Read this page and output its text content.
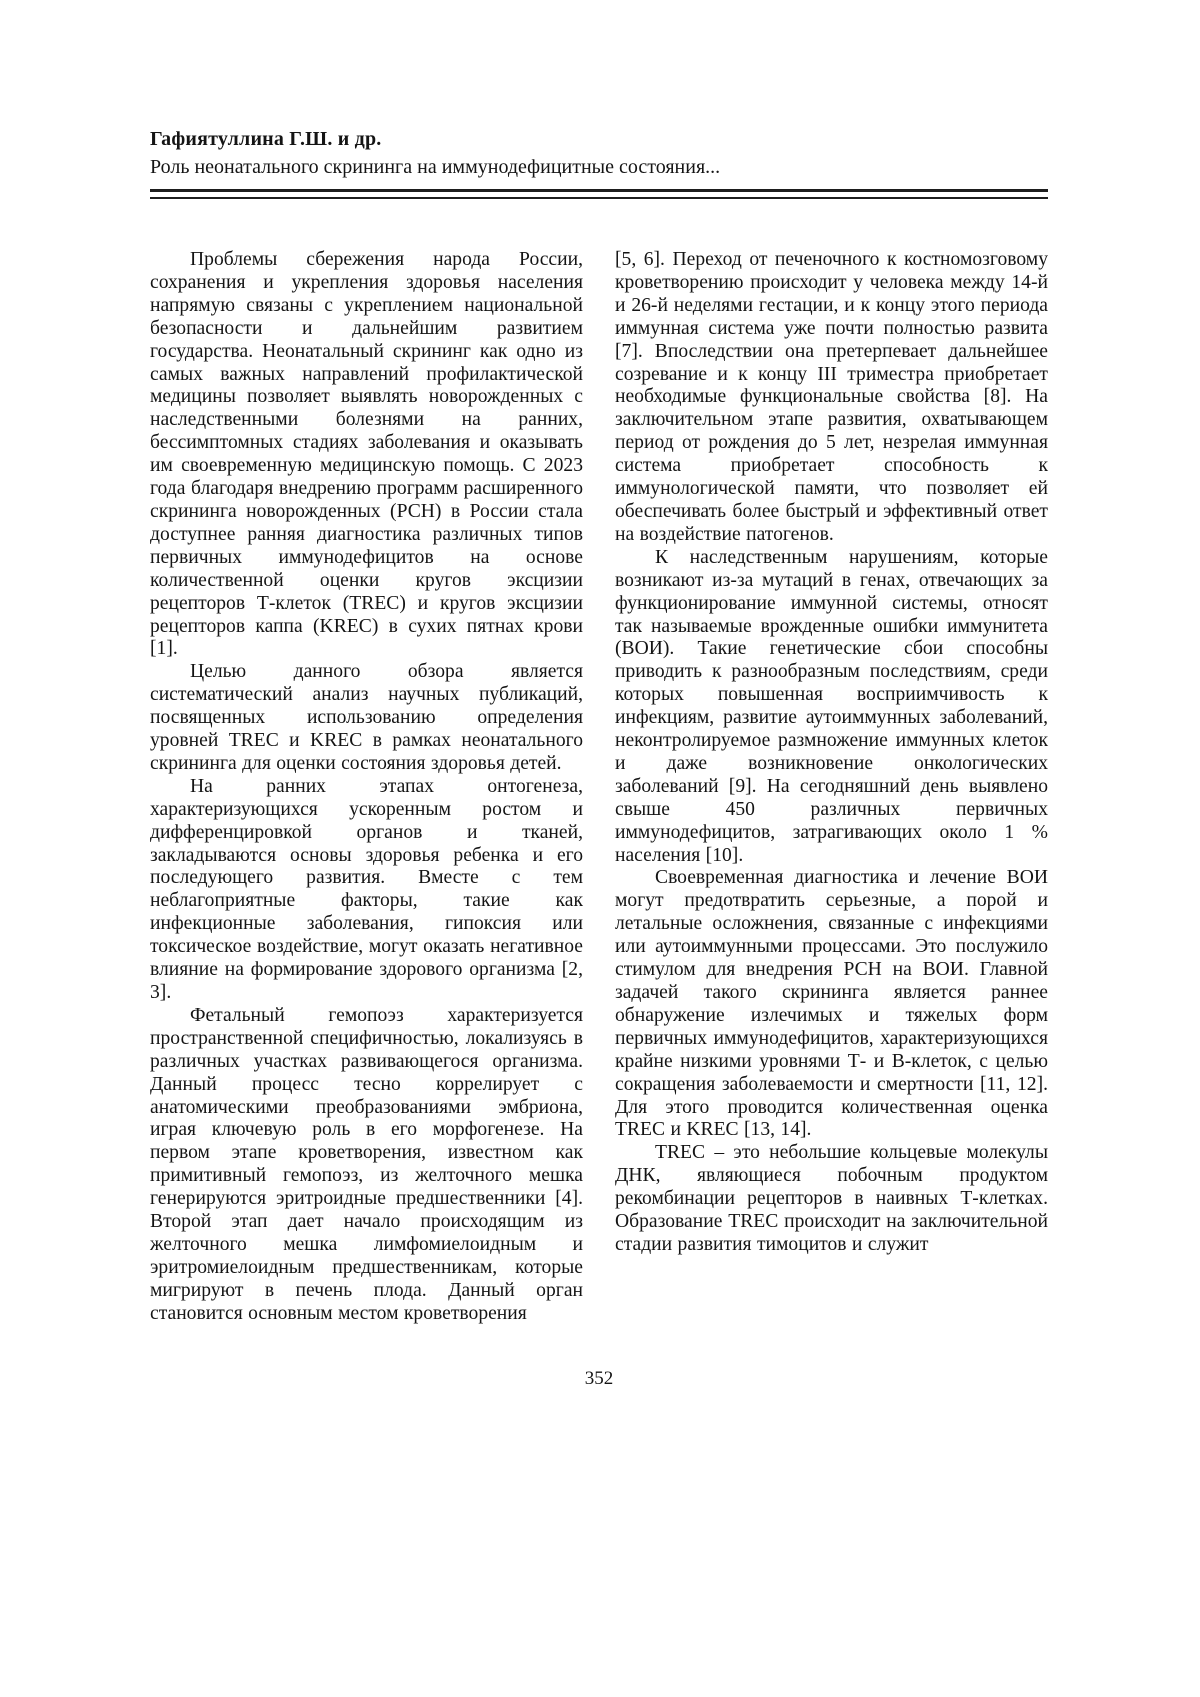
Гафиятуллина Г.Ш. и др.
Роль неонатального скрининга на иммунодефицитные состояния...

Проблемы сбережения народа России, сохранения и укрепления здоровья населения напрямую связаны с укреплением национальной безопасности и дальнейшим развитием государства. Неонатальный скрининг как одно из самых важных направлений профилактической медицины позволяет выявлять новорожденных с наследственными болезнями на ранних, бессимптомных стадиях заболевания и оказывать им своевременную медицинскую помощь. С 2023 года благодаря внедрению программ расширенного скрининга новорожденных (РСН) в России стала доступнее ранняя диагностика различных типов первичных иммунодефицитов на основе количественной оценки кругов эксцизии рецепторов Т-клеток (TREC) и кругов эксцизии рецепторов каппа (KREC) в сухих пятнах крови [1].

Целью данного обзора является систематический анализ научных публикаций, посвященных использованию определения уровней TREC и KREC в рамках неонатального скрининга для оценки состояния здоровья детей.

На ранних этапах онтогенеза, характеризующихся ускоренным ростом и дифференцировкой органов и тканей, закладываются основы здоровья ребенка и его последующего развития. Вместе с тем неблагоприятные факторы, такие как инфекционные заболевания, гипоксия или токсическое воздействие, могут оказать негативное влияние на формирование здорового организма [2, 3].

Фетальный гемопоэз характеризуется пространственной специфичностью, локализуясь в различных участках развивающегося организма. Данный процесс тесно коррелирует с анатомическими преобразованиями эмбриона, играя ключевую роль в его морфогенезе. На первом этапе кроветворения, известном как примитивный гемопоэз, из желточного мешка генерируются эритроидные предшественники [4]. Второй этап дает начало происходящим из желточного мешка лимфомиелоидным и эритромиелоидным предшественникам, которые мигрируют в печень плода. Данный орган становится основным местом кроветворения

[5, 6]. Переход от печеночного к костномозговому кроветворению происходит у человека между 14-й и 26-й неделями гестации, и к концу этого периода иммунная система уже почти полностью развита [7]. Впоследствии она претерпевает дальнейшее созревание и к концу III триместра приобретает необходимые функциональные свойства [8]. На заключительном этапе развития, охватывающем период от рождения до 5 лет, незрелая иммунная система приобретает способность к иммунологической памяти, что позволяет ей обеспечивать более быстрый и эффективный ответ на воздействие патогенов.

К наследственным нарушениям, которые возникают из-за мутаций в генах, отвечающих за функционирование иммунной системы, относят так называемые врожденные ошибки иммунитета (ВОИ). Такие генетические сбои способны приводить к разнообразным последствиям, среди которых повышенная восприимчивость к инфекциям, развитие аутоиммунных заболеваний, неконтролируемое размножение иммунных клеток и даже возникновение онкологических заболеваний [9]. На сегодняшний день выявлено свыше 450 различных первичных иммунодефицитов, затрагивающих около 1 % населения [10].

Своевременная диагностика и лечение ВОИ могут предотвратить серьезные, а порой и летальные осложнения, связанные с инфекциями или аутоиммунными процессами. Это послужило стимулом для внедрения РСН на ВОИ. Главной задачей такого скрининга является раннее обнаружение излечимых и тяжелых форм первичных иммунодефицитов, характеризующихся крайне низкими уровнями Т- и В-клеток, с целью сокращения заболеваемости и смертности [11, 12]. Для этого проводится количественная оценка TREC и KREC [13, 14].

TREC – это небольшие кольцевые молекулы ДНК, являющиеся побочным продуктом рекомбинации рецепторов в наивных Т-клетках. Образование TREC происходит на заключительной стадии развития тимоцитов и служит

352
